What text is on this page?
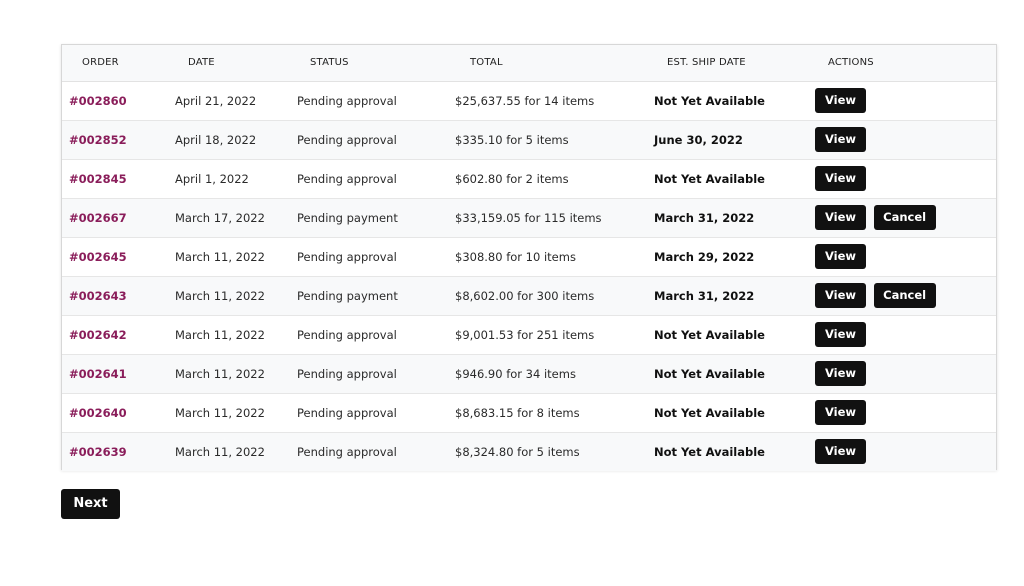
ORDER	DATE	STATUS	TOTAL	EST. SHIP DATE	ACTIONS
#002860	April 21, 2022	Pending approval	$25,637.55 for 14 items	Not Yet Available	View
#002852	April 18, 2022	Pending approval	$335.10 for 5 items	June 30, 2022	View
#002845	April 1, 2022	Pending approval	$602.80 for 2 items	Not Yet Available	View
#002667	March 17, 2022	Pending payment	$33,159.05 for 115 items	March 31, 2022	View Cancel
#002645	March 11, 2022	Pending approval	$308.80 for 10 items	March 29, 2022	View
#002643	March 11, 2022	Pending payment	$8,602.00 for 300 items	March 31, 2022	View Cancel
#002642	March 11, 2022	Pending approval	$9,001.53 for 251 items	Not Yet Available	View
#002641	March 11, 2022	Pending approval	$946.90 for 34 items	Not Yet Available	View
#002640	March 11, 2022	Pending approval	$8,683.15 for 8 items	Not Yet Available	View
#002639	March 11, 2022	Pending approval	$8,324.80 for 5 items	Not Yet Available	View
Next
